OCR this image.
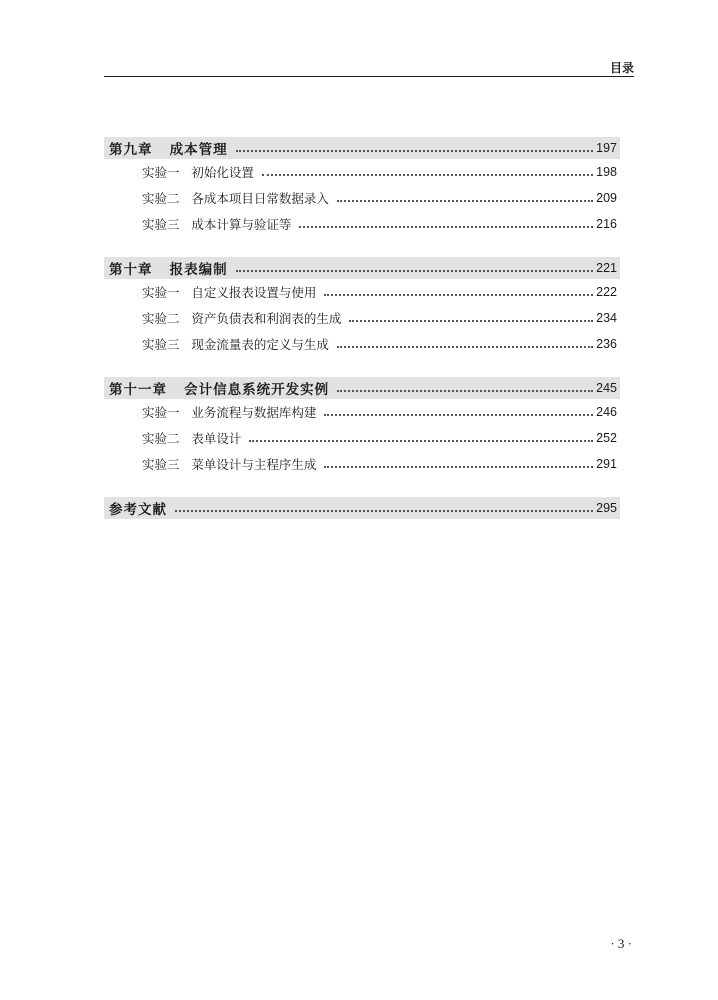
目录
第九章   成本管理	197
实验一   初始化设置	198
实验二   各成本项目日常数据录入	209
实验三   成本计算与验证等	216
第十章   报表编制	221
实验一   自定义报表设置与使用	222
实验二   资产负债表和利润表的生成	234
实验三   现金流量表的定义与生成	236
第十一章   会计信息系统开发实例	245
实验一   业务流程与数据库构建	246
实验二   表单设计	252
实验三   菜单设计与主程序生成	291
参考文献	295
· 3 ·
